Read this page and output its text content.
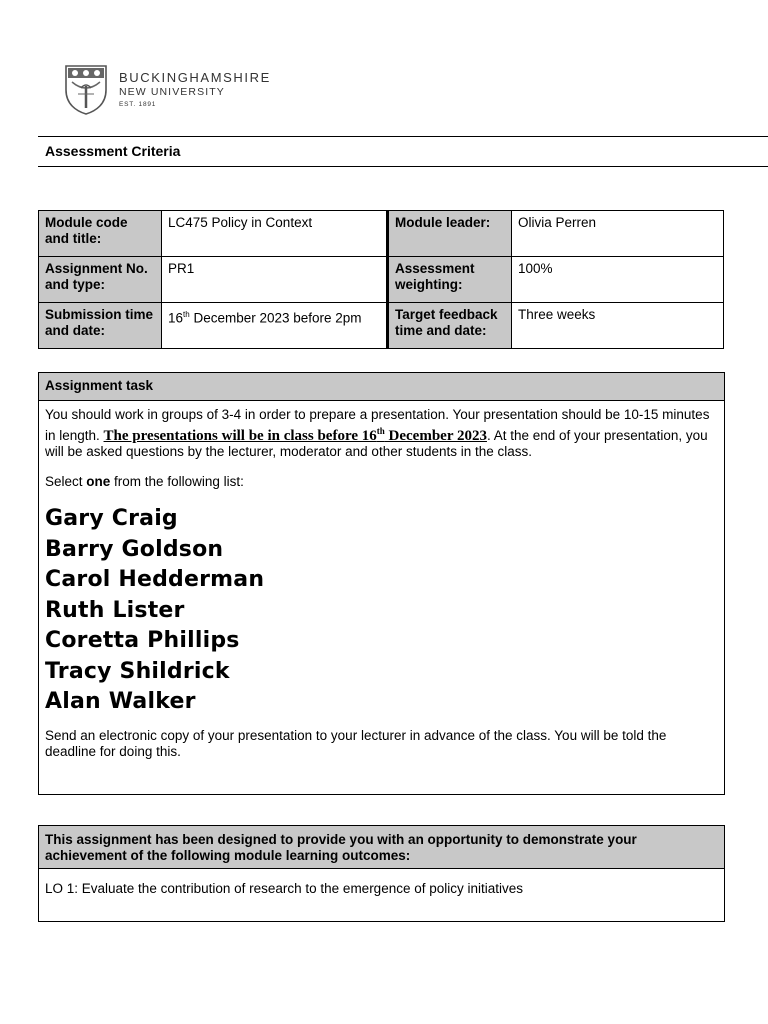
BUCKINGHAMSHIRE
NEW UNIVERSITY
EST. 1891
Assessment Criteria
Module code and title:	LC475 Policy in Context	Module leader:	Olivia Perren
Assignment No. and type:	PR1	Assessment weighting:	100%
Submission time and date:	16th December 2023 before 2pm	Target feedback time and date:	Three weeks
Assignment task

You should work in groups of 3-4 in order to prepare a presentation. Your presentation should be 10-15 minutes in length. The presentations will be in class before 16th December 2023. At the end of your presentation, you will be asked questions by the lecturer, moderator and other students in the class.

Select one from the following list:

Gary Craig
Barry Goldson
Carol Hedderman
Ruth Lister
Coretta Phillips
Tracy Shildrick
Alan Walker

Send an electronic copy of your presentation to your lecturer in advance of the class. You will be told the deadline for doing this.

This assignment has been designed to provide you with an opportunity to demonstrate your achievement of the following module learning outcomes:
LO 1: Evaluate the contribution of research to the emergence of policy initiatives
